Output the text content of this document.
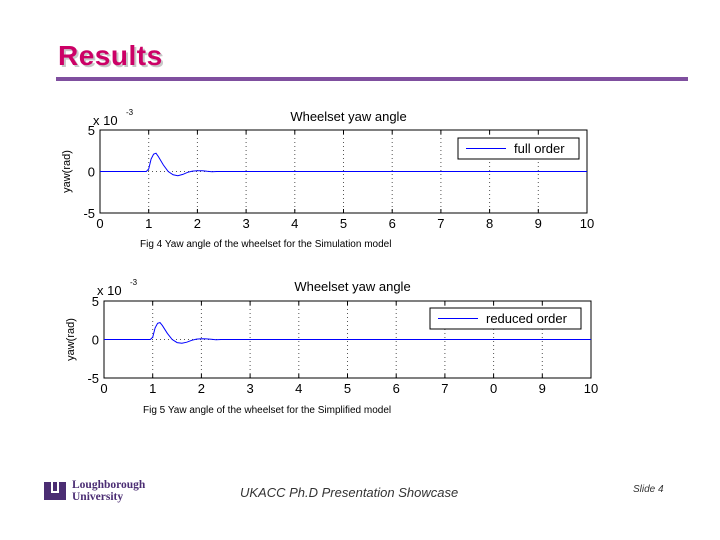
Results
Wheelset yaw angle
x 10
-3
yaw(rad)
0	1	2	3	4	5	6	7	8	9	10
5
0
-5
full order
Fig 4 Yaw angle of the wheelset for the Simulation model
Wheelset yaw angle
x 10
-3
yaw(rad)
0	1	2	3	4	5	6	7	0	9	10
5
0
-5
reduced order
Fig 5 Yaw angle of the wheelset for the Simplified model
Loughborough
University	UKACC Ph.D Presentation Showcase	Slide 4
